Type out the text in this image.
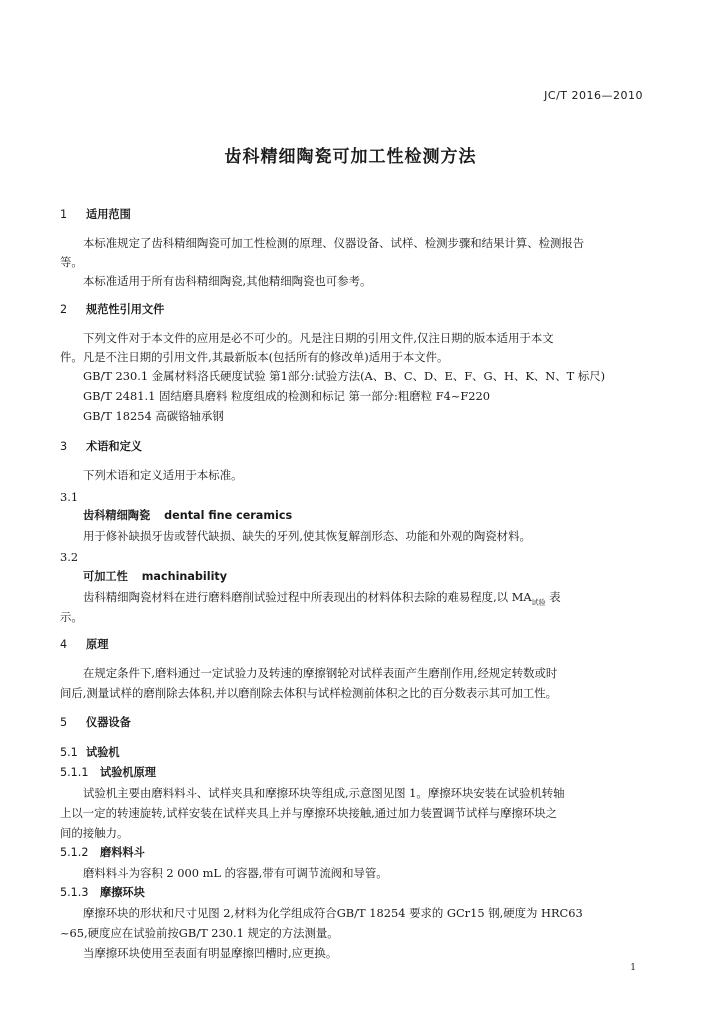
JC/T 2016—2010
齿科精细陶瓷可加工性检测方法
1 适用范围
本标准规定了齿科精细陶瓷可加工性检测的原理、仪器设备、试样、检测步骤和结果计算、检测报告
等。
本标准适用于所有齿科精细陶瓷,其他精细陶瓷也可参考。
2 规范性引用文件
下列文件对于本文件的应用是必不可少的。凡是注日期的引用文件,仅注日期的版本适用于本文
件。凡是不注日期的引用文件,其最新版本(包括所有的修改单)适用于本文件。
GB/T 230.1 金属材料洛氏硬度试验 第1部分:试验方法(A、B、C、D、E、F、G、H、K、N、T 标尺)
GB/T 2481.1 固结磨具磨料 粒度组成的检测和标记 第一部分:粗磨粒 F4~F220
GB/T 18254 高碳铬轴承钢
3 术语和定义
下列术语和定义适用于本标准。
3.1
齿科精细陶瓷 dental fine ceramics
用于修补缺损牙齿或替代缺损、缺失的牙列,使其恢复解剖形态、功能和外观的陶瓷材料。
3.2
可加工性 machinability
齿科精细陶瓷材料在进行磨料磨削试验过程中所表现出的材料体积去除的难易程度,以 $MA_{试验}$ 表
示。
4 原理
在规定条件下,磨料通过一定试验力及转速的摩擦钢轮对试样表面产生磨削作用,经规定转数或时
间后,测量试样的磨削除去体积,并以磨削除去体积与试样检测前体积之比的百分数表示其可加工性。
5 仪器设备
5.1 试验机
5.1.1 试验机原理
试验机主要由磨料料斗、试样夹具和摩擦环块等组成,示意图见图 1。摩擦环块安装在试验机转轴
上以一定的转速旋转,试样安装在试样夹具上并与摩擦环块接触,通过加力装置调节试样与摩擦环块之
间的接触力。
5.1.2 磨料料斗
磨料料斗为容积 2 000 mL 的容器,带有可调节流阀和导管。
5.1.3 摩擦环块
摩擦环块的形状和尺寸见图 2,材料为化学组成符合GB/T 18254 要求的 GCr15 钢,硬度为 HRC63
~65,硬度应在试验前按GB/T 230.1 规定的方法测量。
当摩擦环块使用至表面有明显摩擦凹槽时,应更换。
1
